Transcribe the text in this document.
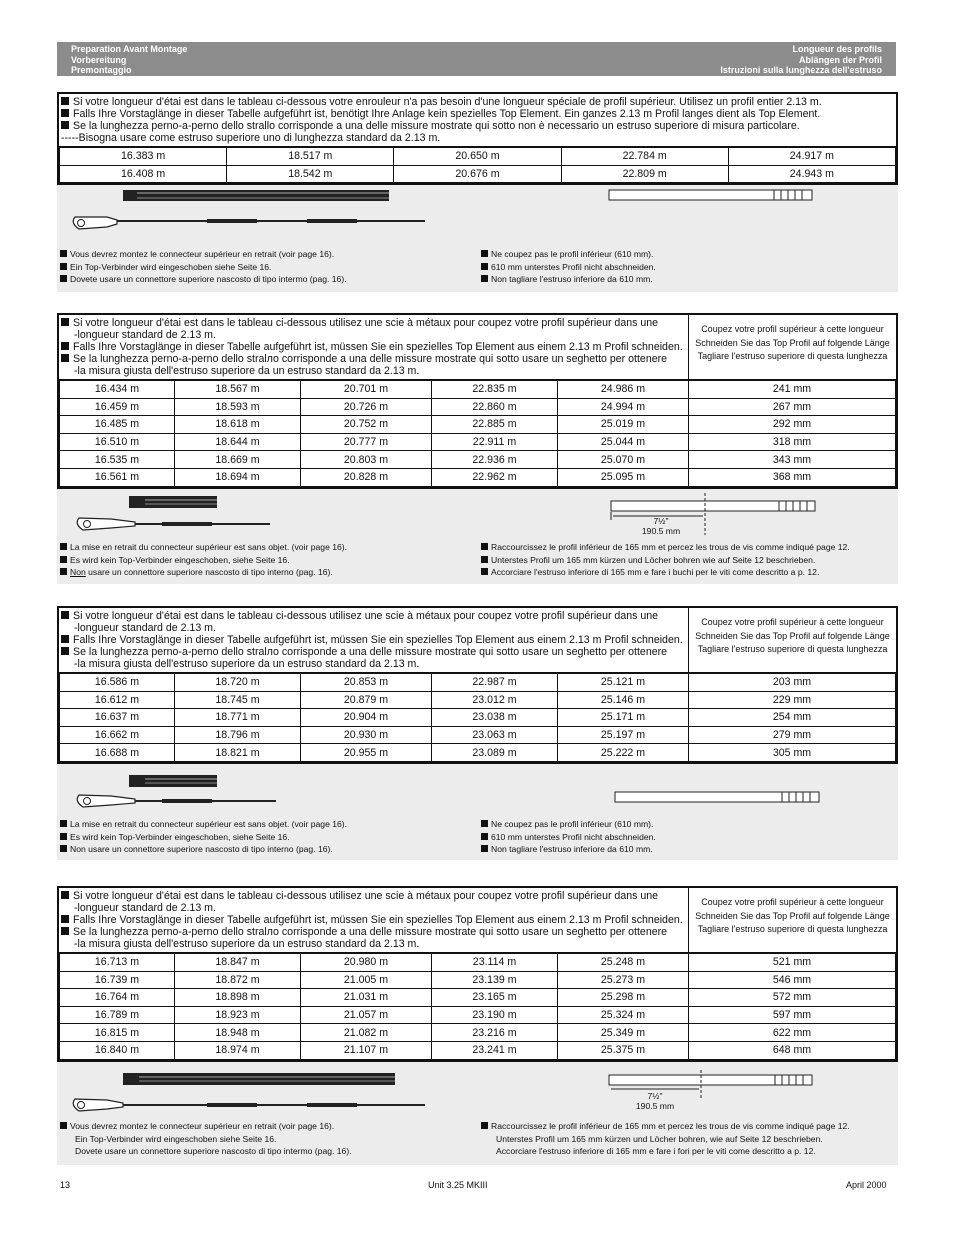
Preparation Avant Montage
Vorbereitung
Premontaggio
Longueur des profils
Ablängen der Profil
Istruzioni sulla lunghezza dell'estruso
Si votre longueur d'étai est dans le tableau ci-dessous votre enrouleur n'a pas besoin d'une longueur spéciale de profil supérieur. Utilisez un profil entier 2.13 m.
Falls Ihre Vorstaglänge in dieser Tabelle aufgeführt ist, benötigt Ihre Anlage kein spezielles Top Element. Ein ganzes 2.13 m Profil langes dient als Top Element.
Se la lunghezza perno-a-perno dello strallo corrisponde a una delle missure mostrate qui sotto non è necessario un estruso superiore di misura particolare.
-----Bisogna usare come estruso superiore uno di lunghezza standard da 2.13 m.
16.383 m	18.517 m	20.650 m	22.784 m	24.917 m
16.408 m	18.542 m	20.676 m	22.809 m	24.943 m
Vous devrez montez le connecteur supérieur en retrait (voir page 16).
Ein Top-Verbinder wird eingeschoben siehe Seite 16.
Dovete usare un connettore superiore nascosto di tipo intermo (pag. 16).
Ne coupez pas le profil inférieur (610 mm).
610 mm unterstes Profil nicht abschneiden.
Non tagliare l'estruso inferiore da 610 mm.
Si votre longueur d'étai est dans le tableau ci-dessous utilisez une scie à métaux pour coupez votre profil supérieur dans une
-longueur standard de 2.13 m.
Falls Ihre Vorstaglänge in dieser Tabelle aufgeführt ist, müssen Sie ein spezielles Top Element aus einem 2.13 m Profil schneiden.
Se la lunghezza perno-a-perno dello stralло corrisponde a una delle missure mostrate qui sotto usare un seghetto per ottenere
-la misura giusta dell'estruso superiore da un estruso standard da 2.13 m.
Coupez votre profil supérieur à cette longueur
Schneiden Sie das Top Profil auf folgende Länge
Tagliare l'estruso superiore di questa lunghezza
16.434 m	18.567 m	20.701 m	22.835 m	24.986 m	241 mm
16.459 m	18.593 m	20.726 m	22.860 m	24.994 m	267 mm
16.485 m	18.618 m	20.752 m	22.885 m	25.019 m	292 mm
16.510 m	18.644 m	20.777 m	22.911 m	25.044 m	318 mm
16.535 m	18.669 m	20.803 m	22.936 m	25.070 m	343 mm
16.561 m	18.694 m	20.828 m	22.962 m	25.095 m	368 mm
7½"
190.5 mm
La mise en retrait du connecteur supérieur est sans objet. (voir page 16).
Es wird kein Top-Verbinder eingeschoben, siehe Seite 16.
Non usare un connettore superiore nascosto di tipo interno (pag. 16).
Raccourcissez le profil inférieur de 165 mm et percez les trous de vis comme indiqué page 12.
Unterstes Profil um 165 mm kürzen und Löcher bohren wie auf Seite 12 beschrieben.
Accorciare l'estruso inferiore di 165 mm e fare i buchi per le viti come descritto a p. 12.
Si votre longueur d'étai est dans le tableau ci-dessous utilisez une scie à métaux pour coupez votre profil supérieur dans une
-longueur standard de 2.13 m.
Falls Ihre Vorstaglänge in dieser Tabelle aufgeführt ist, müssen Sie ein spezielles Top Element aus einem 2.13 m Profil schneiden.
Se la lunghezza perno-a-perno dello stralло corrisponde a una delle missure mostrate qui sotto usare un seghetto per ottenere
-la misura giusta dell'estruso superiore da un estruso standard da 2.13 m.
Coupez votre profil supérieur à cette longueur
Schneiden Sie das Top Profil auf folgende Länge
Tagliare l'estruso superiore di questa lunghezza
16.586 m	18.720 m	20.853 m	22.987 m	25.121 m	203 mm
16.612 m	18.745 m	20.879 m	23.012 m	25.146 m	229 mm
16.637 m	18.771 m	20.904 m	23.038 m	25.171 m	254 mm
16.662 m	18.796 m	20.930 m	23.063 m	25.197 m	279 mm
16.688 m	18.821 m	20.955 m	23.089 m	25.222 m	305 mm
La mise en retrait du connecteur supérieur est sans objet. (voir page 16).
Es wird kein Top-Verbinder eingeschoben, siehe Seite 16.
Non usare un connettore superiore nascosto di tipo interno (pag. 16).
Ne coupez pas le profil inférieur (610 mm).
610 mm unterstes Profil nicht abschneiden.
Non tagliare l'estruso inferiore da 610 mm.
Si votre longueur d'étai est dans le tableau ci-dessous utilisez une scie à métaux pour coupez votre profil supérieur dans une
-longueur standard de 2.13 m.
Falls Ihre Vorstaglänge in dieser Tabelle aufgeführt ist, müssen Sie ein spezielles Top Element aus einem 2.13 m Profil schneiden.
Se la lunghezza perno-a-perno dello stralло corrisponde a una delle missure mostrate qui sotto usare un seghetto per ottenere
-la misura giusta dell'estruso superiore da un estruso standard da 2.13 m.
Coupez votre profil supérieur à cette longueur
Schneiden Sie das Top Profil auf folgende Länge
Tagliare l'estruso superiore di questa lunghezza
16.713 m	18.847 m	20.980 m	23.114 m	25.248 m	521 mm
16.739 m	18.872 m	21.005 m	23.139 m	25.273 m	546 mm
16.764 m	18.898 m	21.031 m	23.165 m	25.298 m	572 mm
16.789 m	18.923 m	21.057 m	23.190 m	25.324 m	597 mm
16.815 m	18.948 m	21.082 m	23.216 m	25.349 m	622 mm
16.840 m	18.974 m	21.107 m	23.241 m	25.375 m	648 mm
7½"
190.5 mm
Vous devrez montez le connecteur supérieur en retrait (voir page 16).
Ein Top-Verbinder wird eingeschoben siehe Seite 16.
Dovete usare un connettore superiore nascosto di tipo intermo (pag. 16).
Raccourcissez le profil inférieur de 165 mm et percez les trous de vis comme indiqué page 12.
Unterstes Profil um 165 mm kürzen und Löcher bohren, wie auf Seite 12 beschrieben.
Accorciare l'estruso inferiore di 165 mm e fare i fori per le viti come descritto a p. 12.
13	Unit 3.25 MKIII	April 2000
